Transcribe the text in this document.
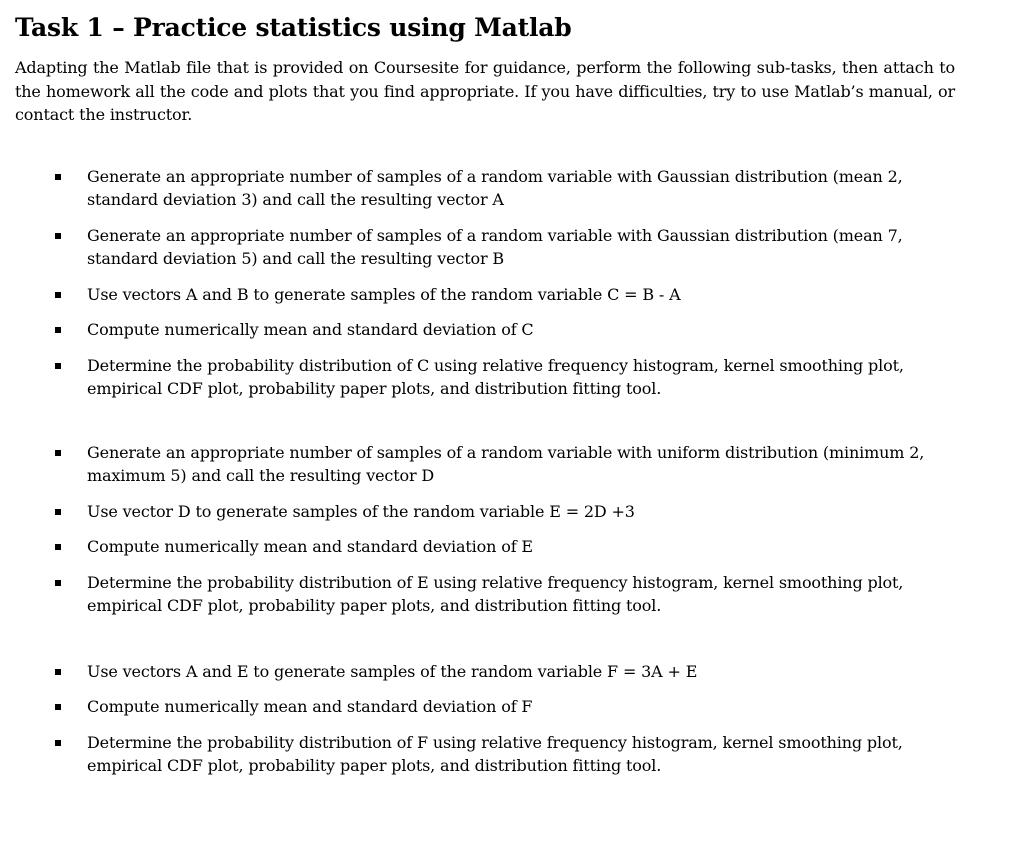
Task 1 – Practice statistics using Matlab

Adapting the Matlab file that is provided on Coursesite for guidance, perform the following sub-tasks, then attach to the homework all the code and plots that you find appropriate. If you have difficulties, try to use Matlab’s manual, or contact the instructor.

Generate an appropriate number of samples of a random variable with Gaussian distribution (mean 2, standard deviation 3) and call the resulting vector A
Generate an appropriate number of samples of a random variable with Gaussian distribution (mean 7, standard deviation 5) and call the resulting vector B
Use vectors A and B to generate samples of the random variable C = B - A
Compute numerically mean and standard deviation of C
Determine the probability distribution of C using relative frequency histogram, kernel smoothing plot, empirical CDF plot, probability paper plots, and distribution fitting tool.
Generate an appropriate number of samples of a random variable with uniform distribution (minimum 2, maximum 5) and call the resulting vector D
Use vector D to generate samples of the random variable E = 2D +3
Compute numerically mean and standard deviation of E
Determine the probability distribution of E using relative frequency histogram, kernel smoothing plot, empirical CDF plot, probability paper plots, and distribution fitting tool.
Use vectors A and E to generate samples of the random variable F = 3A + E
Compute numerically mean and standard deviation of F
Determine the probability distribution of F using relative frequency histogram, kernel smoothing plot, empirical CDF plot, probability paper plots, and distribution fitting tool.
